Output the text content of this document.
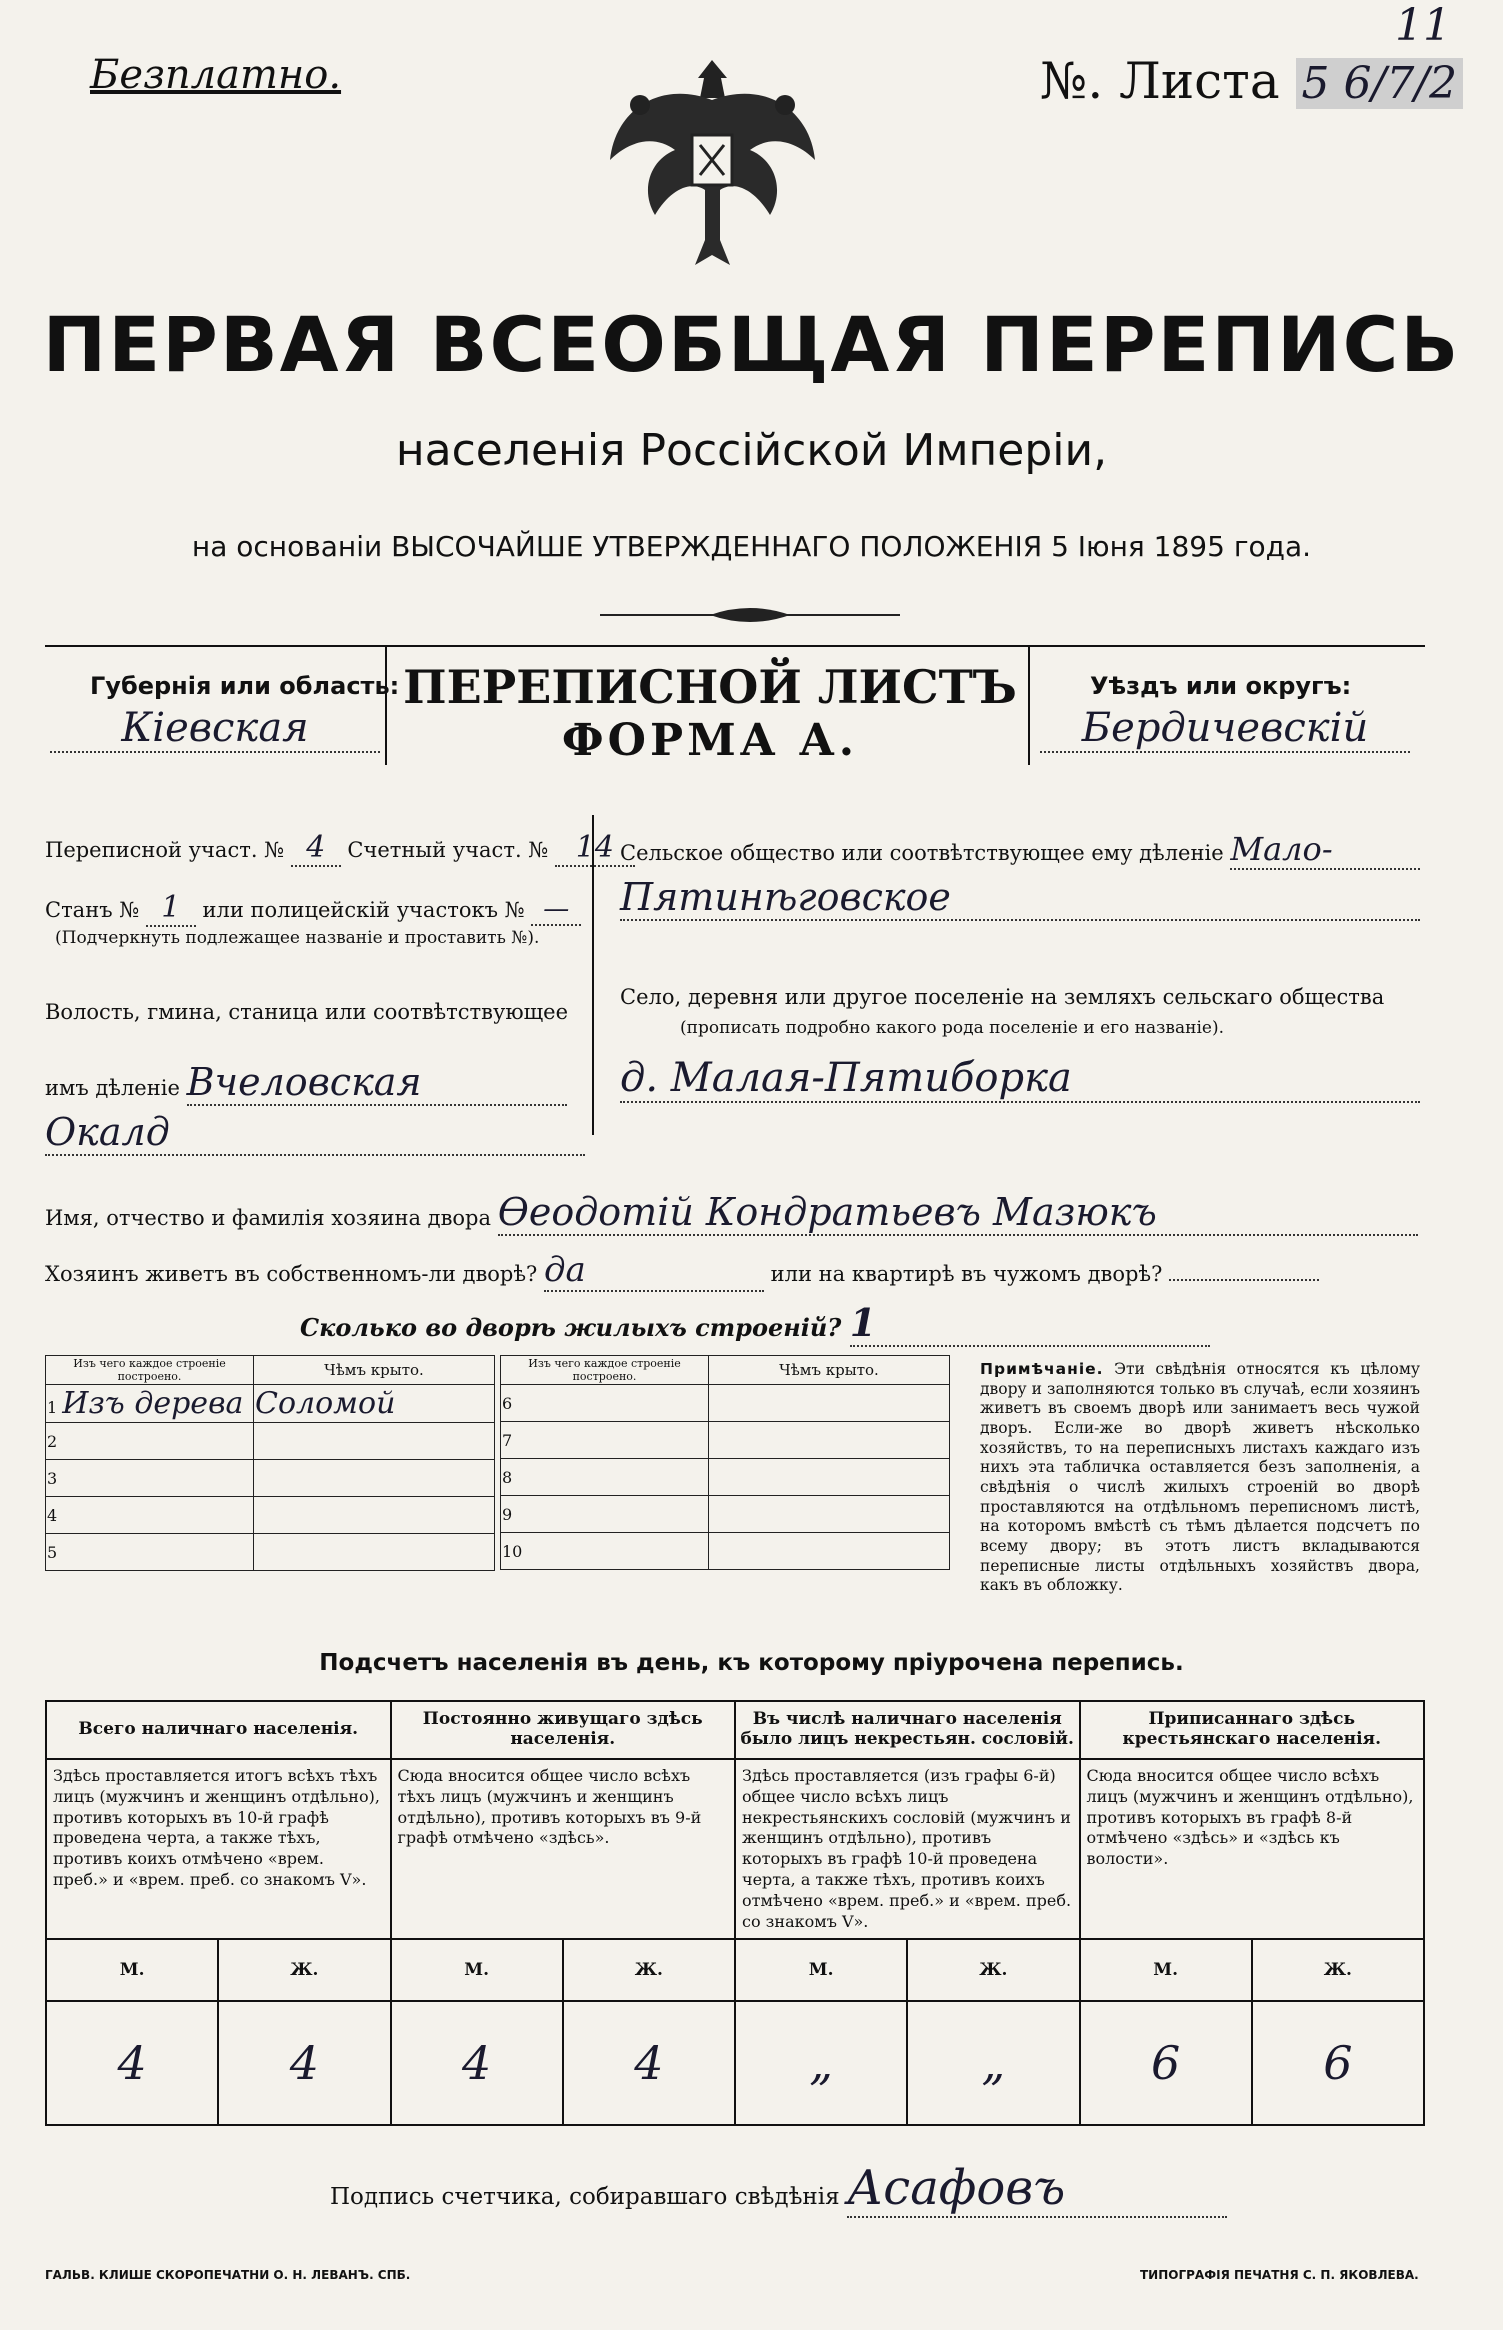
Безплатно.	№. Листа 5 6/7/2
11
ПЕРВАЯ ВСЕОБЩАЯ ПЕРЕПИСЬ
населенія Россійской Имперіи,
на основаніи ВЫСОЧАЙШЕ УТВЕРЖДЕННАГО ПОЛОЖЕНІЯ 5 Іюня 1895 года.
Губернія или область:
Кіевская
ПЕРЕПИСНОЙ ЛИСТЪ
ФОРМА А.
Уѣздъ или округъ:
Бердичевскій
Переписной участ. № 4 Счетный участ. № 14
Станъ № 1 или полицейскій участокъ № —
(Подчеркнуть подлежащее названіе и проставить №).
Волость, гмина, станица или соотвѣтствующее
имъ дѣленіе Вчеловская
Окалд
Сельское общество или соотвѣтствующее ему дѣленіе Мало-
Пятинѣговское
Село, деревня или другое поселеніе на земляхъ сельскаго общества
(прописать подробно какого рода поселеніе и его названіе).
д. Малая-Пятиборка
Имя, отчество и фамилія хозяина двора Ѳеодотій Кондратьевъ Мазюкъ
Хозяинъ живетъ въ собственномъ-ли дворѣ? да	или на квартирѣ въ чужомъ дворѣ?
Сколько во дворѣ жилыхъ строеній? 1
Изъ чего каждое строеніе построено.	Чѣмъ крыто.
1 Изъ дерева	Соломой
2	
3	
4	
5	
Изъ чего каждое строеніе построено.	Чѣмъ крыто.
6	
7	
8	
9	
10	
Примѣчаніе. Эти свѣдѣнія относятся къ цѣлому двору и заполняются только въ случаѣ, если хозяинъ живетъ въ своемъ дворѣ или занимаетъ весь чужой дворъ. Если-же во дворѣ живетъ нѣсколько хозяйствъ, то на переписныхъ листахъ каждаго изъ нихъ эта табличка оставляется безъ заполненія, а свѣдѣнія о числѣ жилыхъ строеній во дворѣ проставляются на отдѣльномъ переписномъ листѣ, на которомъ вмѣстѣ съ тѣмъ дѣлается подсчетъ по всему двору; въ этотъ листъ вкладываются переписные листы отдѣльныхъ хозяйствъ двора, какъ въ обложку.
Подсчетъ населенія въ день, къ которому пріурочена перепись.
Всего наличнаго населенія.		Постоянно живущаго здѣсь населенія.		Въ числѣ наличнаго населенія было лицъ некрестьян. сословій.		Приписаннаго здѣсь крестьянскаго населенія.	
Здѣсь проставляется итогъ всѣхъ тѣхъ лицъ (мужчинъ и женщинъ отдѣльно), противъ которыхъ въ 10-й графѣ проведена черта, а также тѣхъ, противъ коихъ отмѣчено «врем. преб.» и «врем. преб. со знакомъ V».		Сюда вносится общее число всѣхъ тѣхъ лицъ (мужчинъ и женщинъ отдѣльно), противъ которыхъ въ 9-й графѣ отмѣчено «здѣсь».		Здѣсь проставляется (изъ графы 6-й) общее число всѣхъ лицъ некрестьянскихъ сословій (мужчинъ и женщинъ отдѣльно), противъ которыхъ въ графѣ 10-й проведена черта, а также тѣхъ, противъ коихъ отмѣчено «врем. преб.» и «врем. преб. со знакомъ V».		Сюда вносится общее число всѣхъ лицъ (мужчинъ и женщинъ отдѣльно), противъ которыхъ въ графѣ 8-й отмѣчено «здѣсь» и «здѣсь къ волости».	
М.	Ж.	М.	Ж.	М.	Ж.	М.	Ж.
4	4	4	4	„	„	6	6
Подпись счетчика, собиравшаго свѣдѣнія Асафовъ
ГАЛЬВ. КЛИШЕ СКОРОПЕЧАТНИ О. Н. ЛЕВАНЪ. СПБ.	ТИПОГРАФІЯ ПЕЧАТНЯ С. П. ЯКОВЛЕВА.
